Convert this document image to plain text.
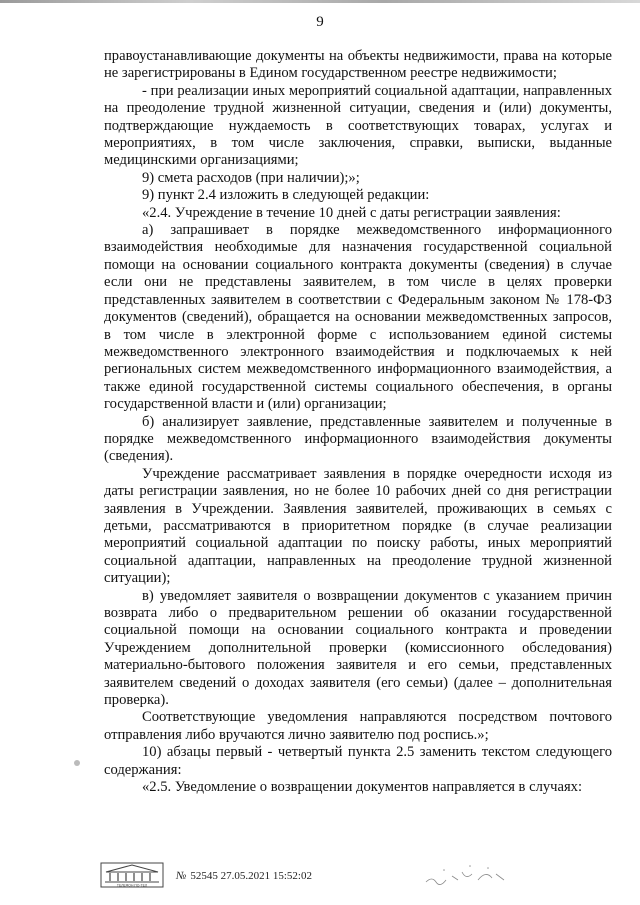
9

правоустанавливающие документы на объекты недвижимости, права на которые не зарегистрированы в Едином государственном реестре недвижимости;

- при реализации иных мероприятий социальной адаптации, направленных на преодоление трудной жизненной ситуации, сведения и (или) документы, подтверждающие нуждаемость в соответствующих товарах, услугах и мероприятиях, в том числе заключения, справки, выписки, выданные медицинскими организациями;

9) смета расходов (при наличии);»;

9) пункт 2.4 изложить в следующей редакции:

«2.4. Учреждение в течение 10 дней с даты регистрации заявления:

а) запрашивает в порядке межведомственного информационного взаимодействия необходимые для назначения государственной социальной помощи на основании социального контракта документы (сведения) в случае если они не представлены заявителем, в том числе в целях проверки представленных заявителем в соответствии с Федеральным законом № 178-ФЗ документов (сведений), обращается на основании межведомственных запросов, в том числе в электронной форме с использованием единой системы межведомственного электронного взаимодействия и подключаемых к ней региональных систем межведомственного информационного взаимодействия, а также единой государственной системы социального обеспечения, в органы государственной власти и (или) организации;

б) анализирует заявление, представленные заявителем и полученные в порядке межведомственного информационного взаимодействия документы (сведения).

Учреждение рассматривает заявления в порядке очередности исходя из даты регистрации заявления, но не более 10 рабочих дней со дня регистрации заявления в Учреждении. Заявления заявителей, проживающих в семьях с детьми, рассматриваются в приоритетном порядке (в случае реализации мероприятий социальной адаптации по поиску работы, иных мероприятий социальной адаптации, направленных на преодоление трудной жизненной ситуации);

в) уведомляет заявителя о возвращении документов с указанием причин возврата либо о предварительном решении об оказании государственной социальной помощи на основании социального контракта и проведении Учреждением дополнительной проверки (комиссионного обследования) материально-бытового положения заявителя и его семьи, представленных заявителем сведений о доходах заявителя (его семьи) (далее – дополнительная проверка).

Соответствующие уведомления направляются посредством почтового отправления либо вручаются лично заявителю под роспись.»;

10) абзацы первый - четвертый пункта 2.5 заменить текстом следующего содержания:

«2.5. Уведомление о возвращении документов направляется в случаях:

ТЕЛЕФОН ПО-ТЕЛ
№ 52545 27.05.2021 15:52:02
